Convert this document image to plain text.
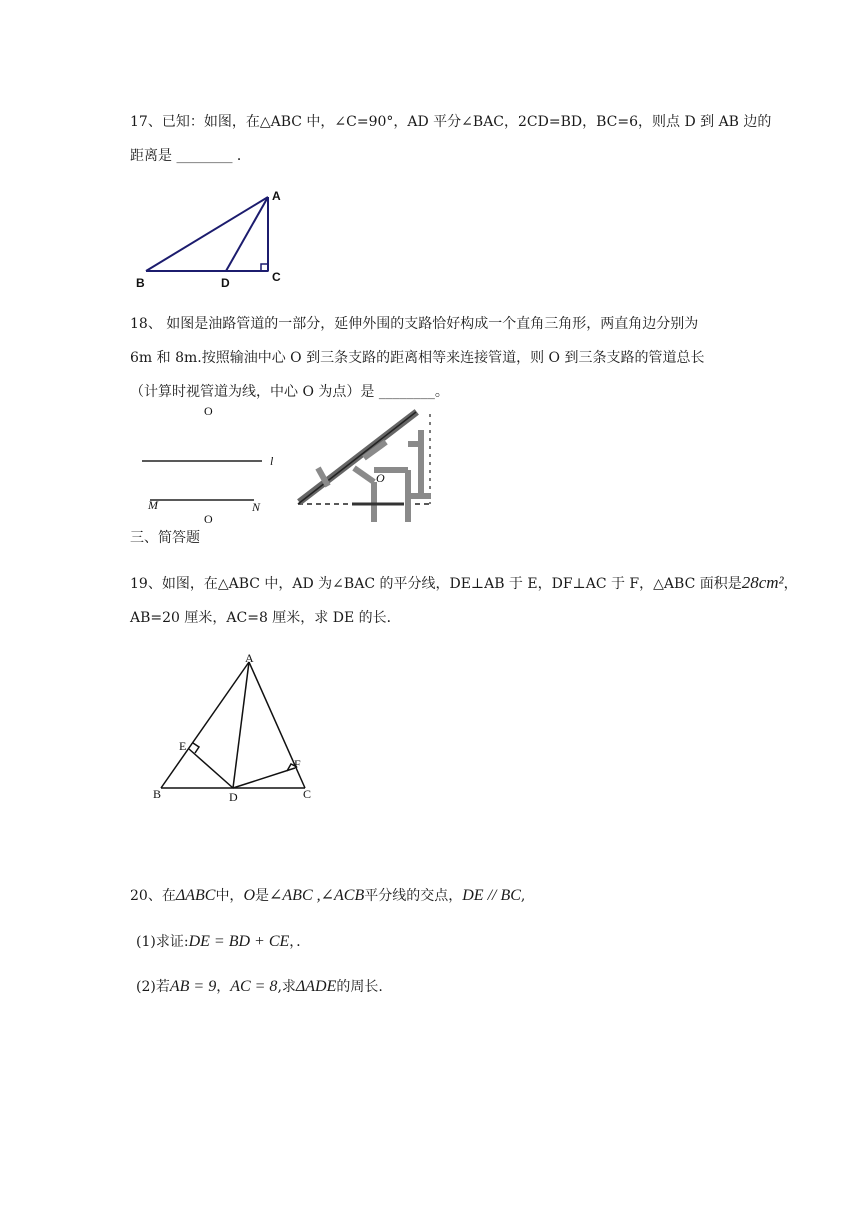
17、已知：如图，在△ABC 中，∠C=90°，AD 平分∠BAC，2CD=BD，BC=6，则点 D 到 AB 边的
距离是 ________ ．
A
B	D	C
18、 如图是油路管道的一部分，延伸外围的支路恰好构成一个直角三角形，两直角边分别为
6m 和 8m.按照输油中心 O 到三条支路的距离相等来连接管道，则 O 到三条支路的管道总长
（计算时视管道为线，中心 O 为点）是 ________。
O
l
M	N
O
O
三、简答题
19、如图，在△ABC 中，AD 为∠BAC 的平分线，DE⊥AB 于 E，DF⊥AC 于 F，△ABC 面积是28cm²，
AB=20 厘米，AC=8 厘米，求 DE 的长．
A
E
F
B	D	C
20、在ΔABC中，O是∠ABC ,∠ACB平分线的交点，DE // BC,
(1)求证:DE = BD + CE，．
(2)若AB = 9，AC = 8,求ΔADE的周长.
